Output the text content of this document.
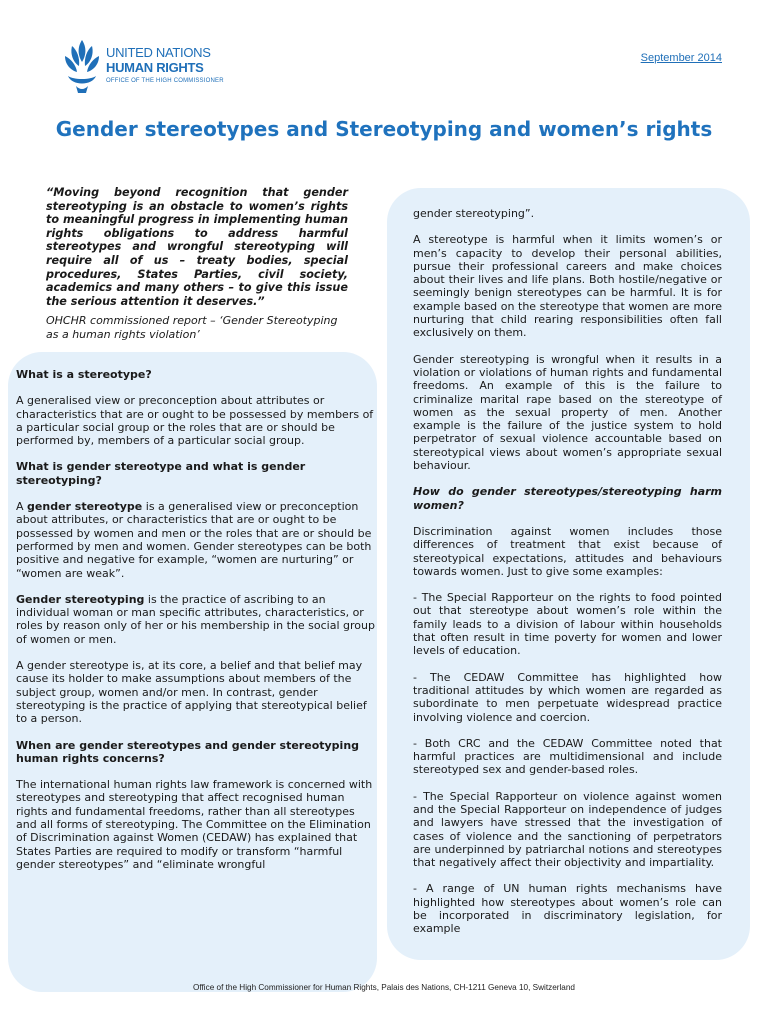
UNITED NATIONS
HUMAN RIGHTS
OFFICE OF THE HIGH COMMISSIONER
September 2014
Gender stereotypes and Stereotyping and women’s rights
“Moving beyond recognition that gender stereotyping is an obstacle to women’s rights to meaningful progress in implementing human rights obligations to address harmful stereotypes and wrongful stereotyping will require all of us – treaty bodies, special procedures, States Parties, civil society, academics and many others – to give this issue the serious attention it deserves.”
OHCHR commissioned report – ‘Gender Stereotyping as a human rights violation’
What is a stereotype?

A generalised view or preconception about attributes or characteristics that are or ought to be possessed by members of a particular social group or the roles that are or should be performed by, members of a particular social group.

What is gender stereotype and what is gender stereotyping?

A gender stereotype is a generalised view or preconception about attributes, or characteristics that are or ought to be possessed by women and men or the roles that are or should be performed by men and women. Gender stereotypes can be both positive and negative for example, “women are nurturing” or “women are weak”.

Gender stereotyping is the practice of ascribing to an individual woman or man specific attributes, characteristics, or roles by reason only of her or his membership in the social group of women or men.

A gender stereotype is, at its core, a belief and that belief may cause its holder to make assumptions about members of the subject group, women and/or men. In contrast, gender stereotyping is the practice of applying that stereotypical belief to a person.

When are gender stereotypes and gender stereotyping human rights concerns?

The international human rights law framework is concerned with stereotypes and stereotyping that affect recognised human rights and fundamental freedoms, rather than all stereotypes and all forms of stereotyping. The Committee on the Elimination of Discrimination against Women (CEDAW) has explained that States Parties are required to modify or transform “harmful gender stereotypes” and “eliminate wrongful

gender stereotyping”.

A stereotype is harmful when it limits women’s or men’s capacity to develop their personal abilities, pursue their professional careers and make choices about their lives and life plans. Both hostile/negative or seemingly benign stereotypes can be harmful. It is for example based on the stereotype that women are more nurturing that child rearing responsibilities often fall exclusively on them.

Gender stereotyping is wrongful when it results in a violation or violations of human rights and fundamental freedoms. An example of this is the failure to criminalize marital rape based on the stereotype of women as the sexual property of men. Another example is the failure of the justice system to hold perpetrator of sexual violence accountable based on stereotypical views about women’s appropriate sexual behaviour.

How do gender stereotypes/stereotyping harm women?

Discrimination against women includes those differences of treatment that exist because of stereotypical expectations, attitudes and behaviours towards women. Just to give some examples:

- The Special Rapporteur on the rights to food pointed out that stereotype about women’s role within the family leads to a division of labour within households that often result in time poverty for women and lower levels of education.

- The CEDAW Committee has highlighted how traditional attitudes by which women are regarded as subordinate to men perpetuate widespread practice involving violence and coercion.

- Both CRC and the CEDAW Committee noted that harmful practices are multidimensional and include stereotyped sex and gender-based roles.

- The Special Rapporteur on violence against women and the Special Rapporteur on independence of judges and lawyers have stressed that the investigation of cases of violence and the sanctioning of perpetrators are underpinned by patriarchal notions and stereotypes that negatively affect their objectivity and impartiality.

- A range of UN human rights mechanisms have highlighted how stereotypes about women’s role can be incorporated in discriminatory legislation, for example

Office of the High Commissioner for Human Rights, Palais des Nations, CH-1211 Geneva 10, Switzerland
